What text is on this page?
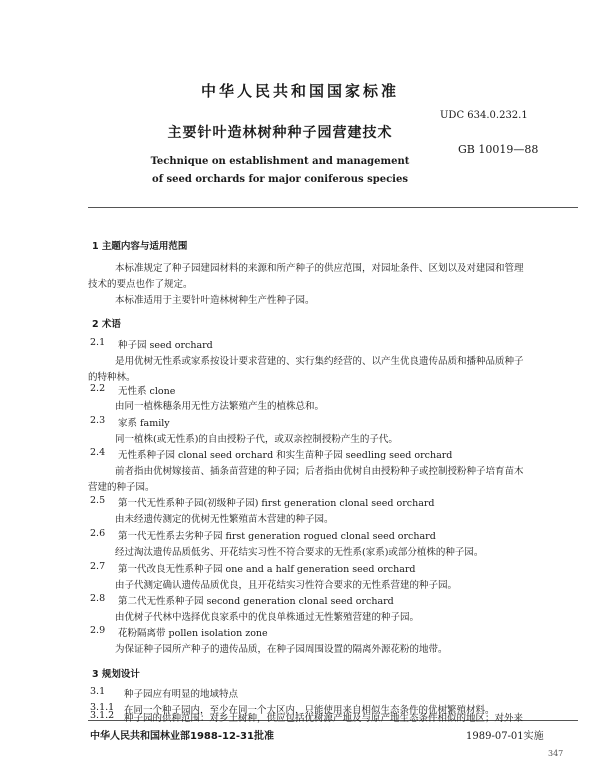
中华人民共和国国家标准
UDC 634.0.232.1
主要针叶造林树种种子园营建技术
GB 10019—88
Technique on establishment and management
of seed orchards for major coniferous species
1 主题内容与适用范围
本标准规定了种子园建园材料的来源和所产种子的供应范围，对园址条件、区划以及对建园和管理
技术的要点也作了规定。
本标准适用于主要针叶造林树种生产性种子园。
2 术语
2.1 种子园 seed orchard
是用优树无性系或家系按设计要求营建的、实行集约经营的、以产生优良遗传品质和播种品质种子
的特种林。
2.2 无性系 clone
由同一植株穗条用无性方法繁殖产生的植株总和。
2.3 家系 family
同一植株(或无性系)的自由授粉子代，或双亲控制授粉产生的子代。
2.4 无性系种子园 clonal seed orchard 和实生苗种子园 seedling seed orchard
前者指由优树嫁接苗、插条苗营建的种子园；后者指由优树自由授粉种子或控制授粉种子培育苗木
营建的种子园。
2.5 第一代无性系种子园(初级种子园) first generation clonal seed orchard
由未经遗传测定的优树无性繁殖苗木营建的种子园。
2.6 第一代无性系去劣种子园 first generation rogued clonal seed orchard
经过淘汰遗传品质低劣、开花结实习性不符合要求的无性系(家系)或部分植株的种子园。
2.7 第一代改良无性系种子园 one and a half generation seed orchard
由子代测定确认遗传品质优良，且开花结实习性符合要求的无性系营建的种子园。
2.8 第二代无性系种子园 second generation clonal seed orchard
由优树子代林中选择优良家系中的优良单株通过无性繁殖营建的种子园。
2.9 花粉隔离带 pollen isolation zone
为保证种子园所产种子的遗传品质，在种子园周围设置的隔离外源花粉的地带。
3 规划设计
3.1 种子园应有明显的地域特点
3.1.1 在同一个种子园内，至少在同一个大区内，只能使用来自相似生态条件的优树繁殖材料。
中华人民共和国林业部1988-12-31批准	1989-07-01实施
347
3.1.2 种子园的供种范围：对乡土树种，供应包括优树源产地及与原产地生态条件相似的地区；对外来
